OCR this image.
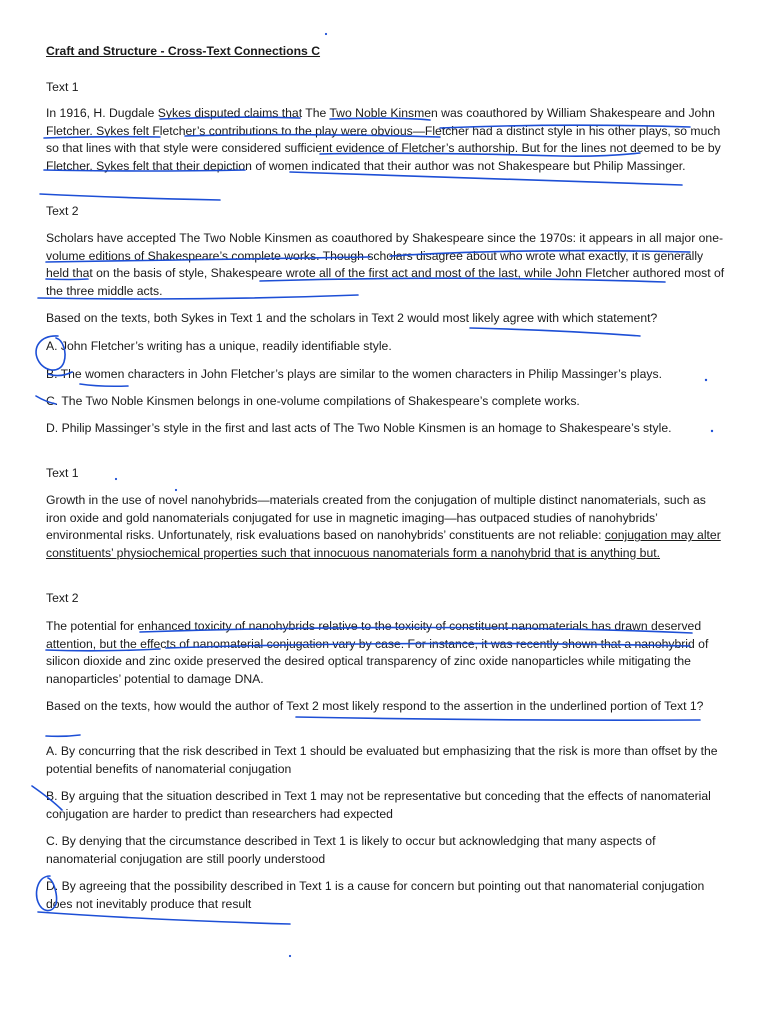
Craft and Structure - Cross-Text Connections C

Text 1

In 1916, H. Dugdale Sykes disputed claims that The Two Noble Kinsmen was coauthored by William Shakespeare and John Fletcher. Sykes felt Fletcher’s contributions to the play were obvious—Fletcher had a distinct style in his other plays, so much so that lines with that style were considered sufficient evidence of Fletcher’s authorship. But for the lines not deemed to be by Fletcher, Sykes felt that their depiction of women indicated that their author was not Shakespeare but Philip Massinger.

Text 2

Scholars have accepted The Two Noble Kinsmen as coauthored by Shakespeare since the 1970s: it appears in all major one-volume editions of Shakespeare’s complete works. Though scholars disagree about who wrote what exactly, it is generally held that on the basis of style, Shakespeare wrote all of the first act and most of the last, while John Fletcher authored most of the three middle acts.

Based on the texts, both Sykes in Text 1 and the scholars in Text 2 would most likely agree with which statement?

A. John Fletcher’s writing has a unique, readily identifiable style.

B. The women characters in John Fletcher’s plays are similar to the women characters in Philip Massinger’s plays.

C. The Two Noble Kinsmen belongs in one-volume compilations of Shakespeare’s complete works.

D. Philip Massinger’s style in the first and last acts of The Two Noble Kinsmen is an homage to Shakespeare’s style.

Text 1

Growth in the use of novel nanohybrids—materials created from the conjugation of multiple distinct nanomaterials, such as iron oxide and gold nanomaterials conjugated for use in magnetic imaging—has outpaced studies of nanohybrids’ environmental risks. Unfortunately, risk evaluations based on nanohybrids’ constituents are not reliable: conjugation may alter constituents’ physiochemical properties such that innocuous nanomaterials form a nanohybrid that is anything but.

Text 2

The potential for enhanced toxicity of nanohybrids relative to the toxicity of constituent nanomaterials has drawn deserved attention, but the effects of nanomaterial conjugation vary by case. For instance, it was recently shown that a nanohybrid of silicon dioxide and zinc oxide preserved the desired optical transparency of zinc oxide nanoparticles while mitigating the nanoparticles’ potential to damage DNA.

Based on the texts, how would the author of Text 2 most likely respond to the assertion in the underlined portion of Text 1?

A. By concurring that the risk described in Text 1 should be evaluated but emphasizing that the risk is more than offset by the potential benefits of nanomaterial conjugation

B. By arguing that the situation described in Text 1 may not be representative but conceding that the effects of nanomaterial conjugation are harder to predict than researchers had expected

C. By denying that the circumstance described in Text 1 is likely to occur but acknowledging that many aspects of nanomaterial conjugation are still poorly understood

D. By agreeing that the possibility described in Text 1 is a cause for concern but pointing out that nanomaterial conjugation does not inevitably produce that result
